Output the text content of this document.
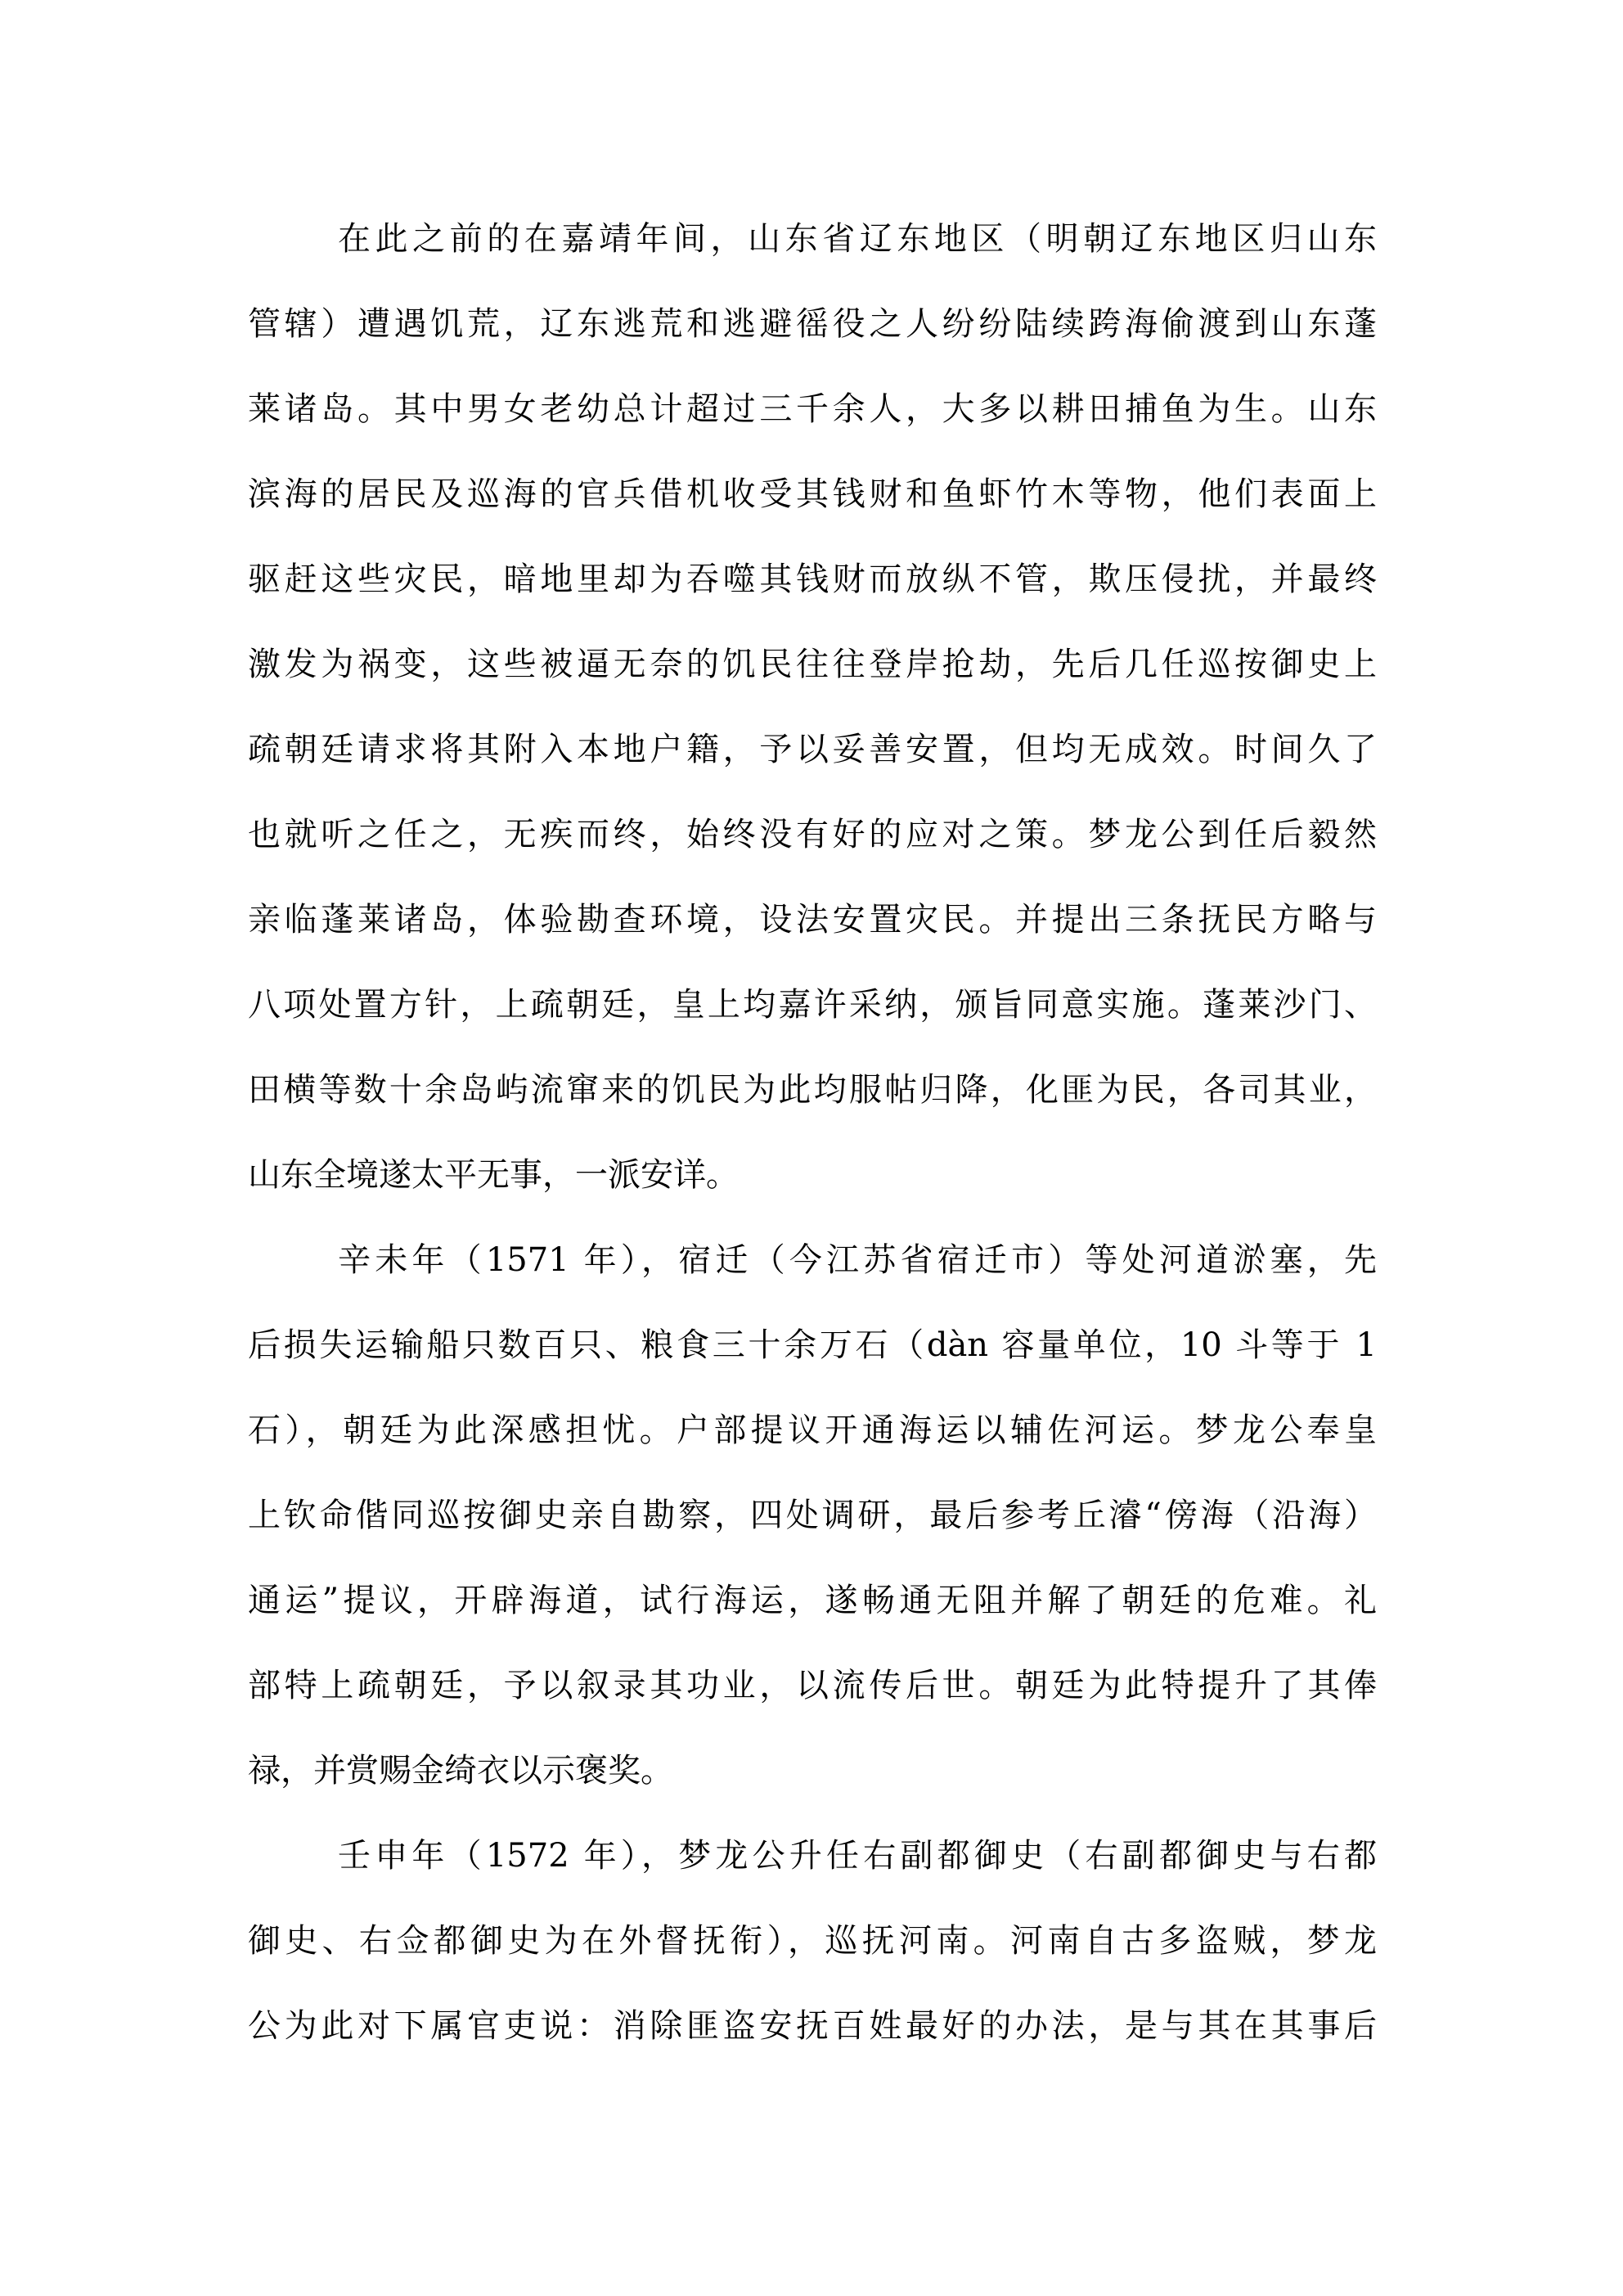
在此之前的在嘉靖年间，山东省辽东地区（明朝辽东地区归山东
管辖）遭遇饥荒，辽东逃荒和逃避徭役之人纷纷陆续跨海偷渡到山东蓬
莱诸岛。其中男女老幼总计超过三千余人，大多以耕田捕鱼为生。山东
滨海的居民及巡海的官兵借机收受其钱财和鱼虾竹木等物，他们表面上
驱赶这些灾民，暗地里却为吞噬其钱财而放纵不管，欺压侵扰，并最终
激发为祸变，这些被逼无奈的饥民往往登岸抢劫，先后几任巡按御史上
疏朝廷请求将其附入本地户籍，予以妥善安置，但均无成效。时间久了
也就听之任之，无疾而终，始终没有好的应对之策。梦龙公到任后毅然
亲临蓬莱诸岛，体验勘查环境，设法安置灾民。并提出三条抚民方略与
八项处置方针，上疏朝廷，皇上均嘉许采纳，颁旨同意实施。蓬莱沙门、
田横等数十余岛屿流窜来的饥民为此均服帖归降，化匪为民，各司其业，
山东全境遂太平无事，一派安详。

辛未年（1571 年），宿迁（今江苏省宿迁市）等处河道淤塞，先
后损失运输船只数百只、粮食三十余万石（dàn 容量单位，10 斗等于 1
石），朝廷为此深感担忧。户部提议开通海运以辅佐河运。梦龙公奉皇
上钦命偕同巡按御史亲自勘察，四处调研，最后参考丘濬“傍海（沿海）
通运”提议，开辟海道，试行海运，遂畅通无阻并解了朝廷的危难。礼
部特上疏朝廷，予以叙录其功业，以流传后世。朝廷为此特提升了其俸
禄，并赏赐金绮衣以示褒奖。

壬申年（1572 年），梦龙公升任右副都御史（右副都御史与右都
御史、右佥都御史为在外督抚衔），巡抚河南。河南自古多盗贼，梦龙
公为此对下属官吏说：消除匪盗安抚百姓最好的办法，是与其在其事后
